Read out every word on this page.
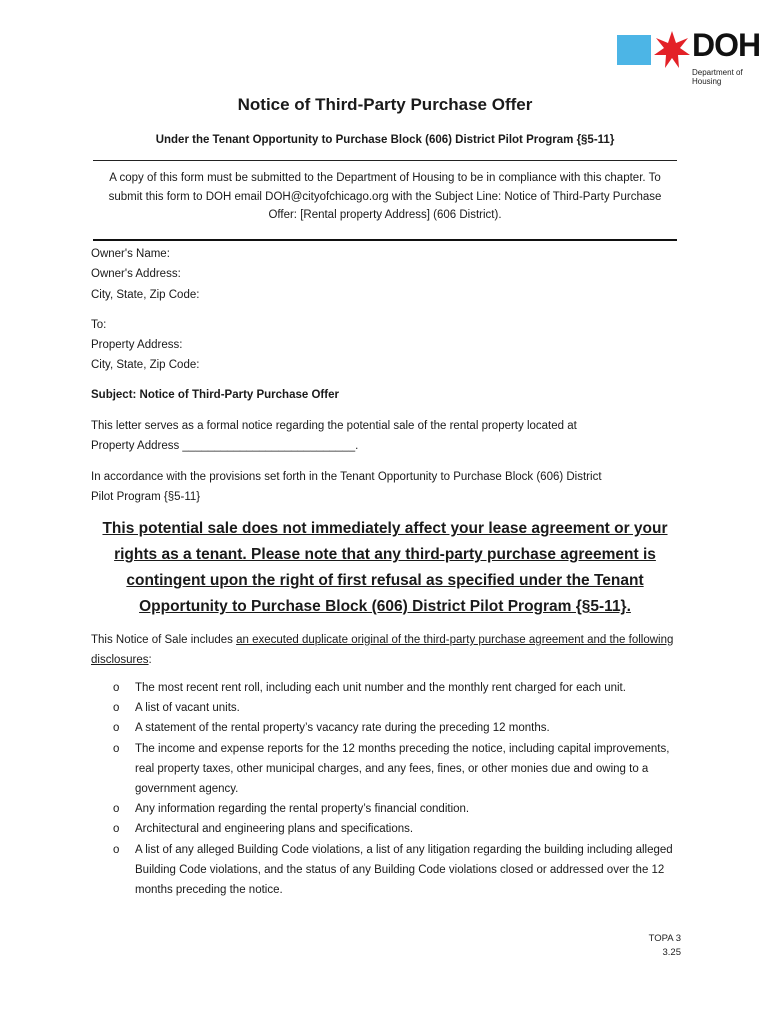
DOH
Department of
Housing
Notice of Third-Party Purchase Offer
Under the Tenant Opportunity to Purchase Block (606) District Pilot Program {§5-11}
A copy of this form must be submitted to the Department of Housing to be in compliance with this chapter. To submit this form to DOH email DOH@cityofchicago.org with the Subject Line: Notice of Third-Party Purchase Offer: [Rental property Address] (606 District).
Owner's Name:
Owner's Address:
City, State, Zip Code:
To:
Property Address:
City, State, Zip Code:
Subject: Notice of Third-Party Purchase Offer
This letter serves as a formal notice regarding the potential sale of the rental property located at
Property Address ___________________________.
In accordance with the provisions set forth in the Tenant Opportunity to Purchase Block (606) District
Pilot Program {§5-11}
This potential sale does not immediately affect your lease agreement or your rights as a tenant. Please note that any third-party purchase agreement is contingent upon the right of first refusal as specified under the Tenant Opportunity to Purchase Block (606) District Pilot Program {§5-11}.
This Notice of Sale includes an executed duplicate original of the third-party purchase agreement and the following disclosures:
o The most recent rent roll, including each unit number and the monthly rent charged for each unit.
o A list of vacant units.
o A statement of the rental property’s vacancy rate during the preceding 12 months.
o The income and expense reports for the 12 months preceding the notice, including capital improvements, real property taxes, other municipal charges, and any fees, fines, or other monies due and owing to a government agency.
o Any information regarding the rental property’s financial condition.
o Architectural and engineering plans and specifications.
o A list of any alleged Building Code violations, a list of any litigation regarding the building including alleged Building Code violations, and the status of any Building Code violations closed or addressed over the 12 months preceding the notice.
TOPA 3
3.25
